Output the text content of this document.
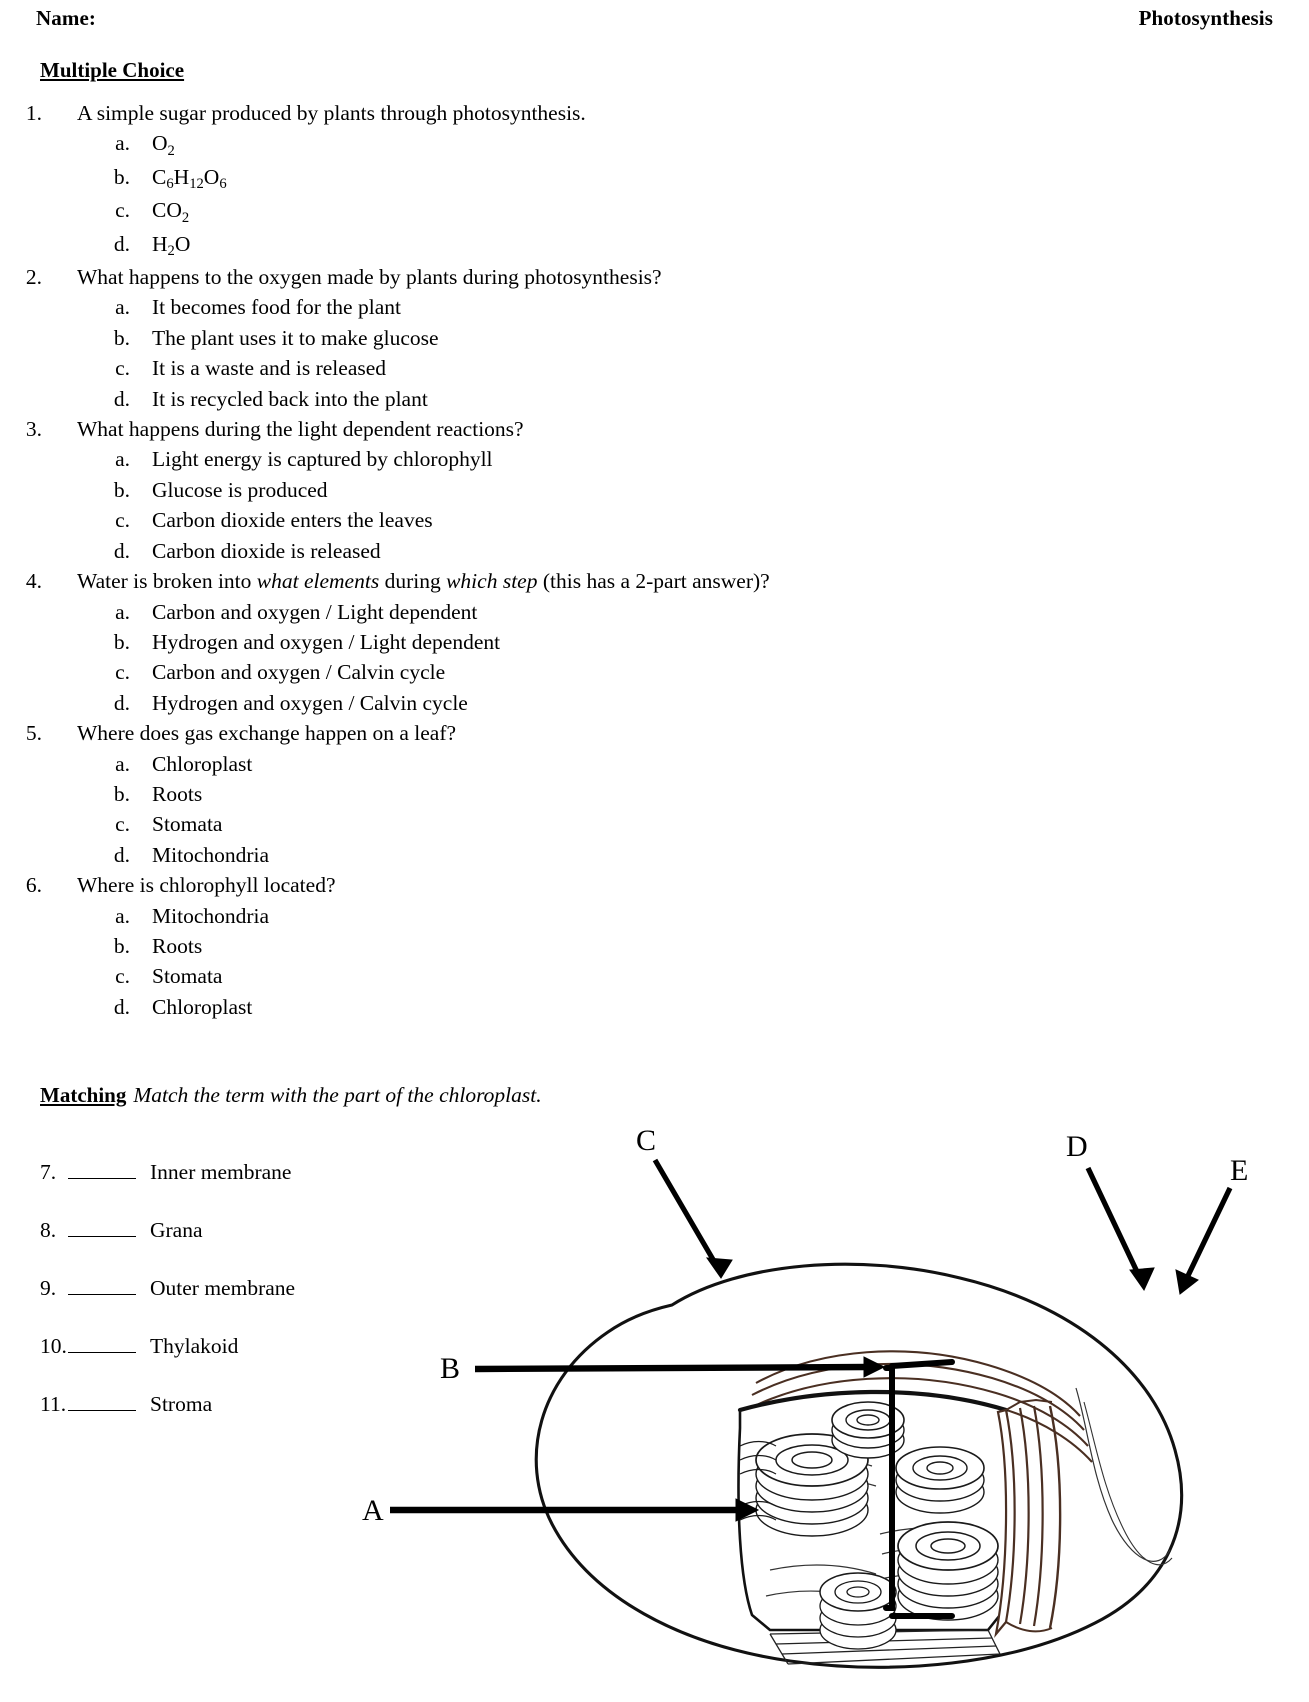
Name:	Photosynthesis
Multiple Choice
1.	A simple sugar produced by plants through photosynthesis.
a.	$O_2$
b.	$C_6H_{12}O_6$
c.	$CO_2$
d.	$H_2O$
2.	What happens to the oxygen made by plants during photosynthesis?
a.	It becomes food for the plant
b.	The plant uses it to make glucose
c.	It is a waste and is released
d.	It is recycled back into the plant
3.	What happens during the light dependent reactions?
a.	Light energy is captured by chlorophyll
b.	Glucose is produced
c.	Carbon dioxide enters the leaves
d.	Carbon dioxide is released
4.	Water is broken into what elements during which step (this has a 2-part answer)?
a.	Carbon and oxygen / Light dependent
b.	Hydrogen and oxygen / Light dependent
c.	Carbon and oxygen / Calvin cycle
d.	Hydrogen and oxygen / Calvin cycle
5.	Where does gas exchange happen on a leaf?
a.	Chloroplast
b.	Roots
c.	Stomata
d.	Mitochondria
6.	Where is chlorophyll located?
a.	Mitochondria
b.	Roots
c.	Stomata
d.	Chloroplast
Matching Match the term with the part of the chloroplast.
7.	Inner membrane
8.	Grana
9.	Outer membrane
10.	Thylakoid
11.	Stroma
C	D
E
B
A
